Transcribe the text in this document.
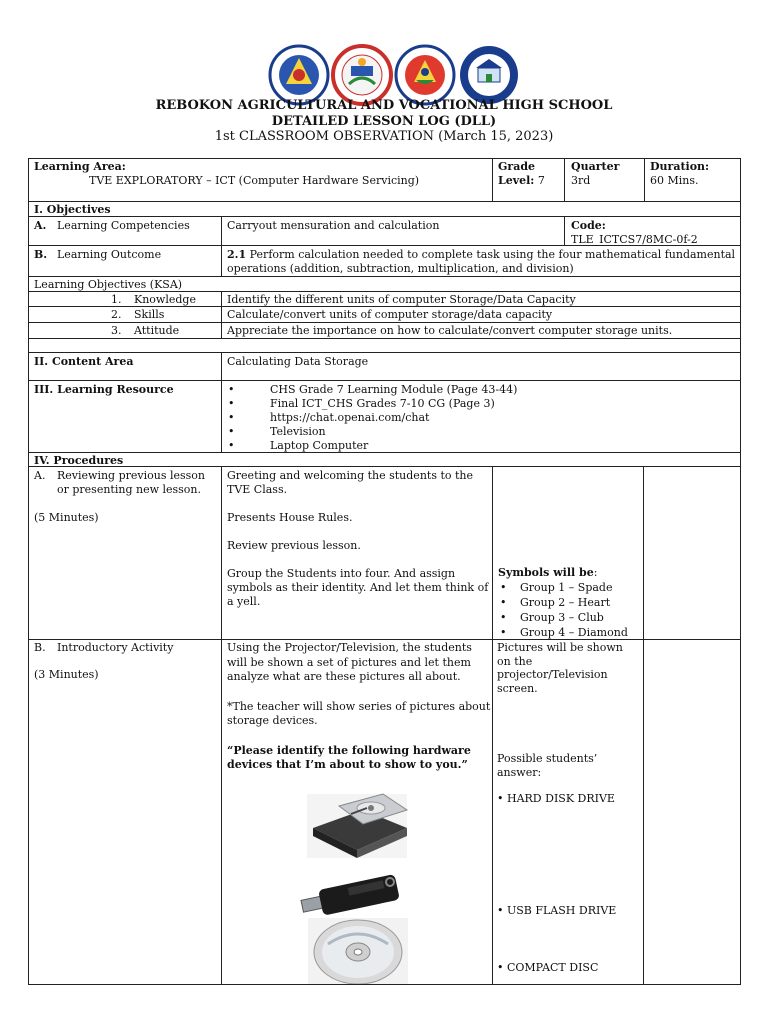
REBOKON AGRICULTURAL AND VOCATIONAL HIGH SCHOOL
DETAILED LESSON LOG (DLL)
1st CLASSROOM OBSERVATION (March 15, 2023)
Learning Area:
TVE EXPLORATORY – ICT (Computer Hardware Servicing)
Grade
Level: 7
Quarter
3rd
Duration:
60 Mins.
I. Objectives
A. Learning Competencies	Carryout mensuration and calculation	Code:
TLE_ICTCS7/8MC-0f-2
B. Learning Outcome	2.1 Perform calculation needed to complete task using the four mathematical fundamental
operations (addition, subtraction, multiplication, and division)
Learning Objectives (KSA)
1. Knowledge	Identify the different units of computer Storage/Data Capacity
2. Skills	Calculate/convert units of computer storage/data capacity
3. Attitude	Appreciate the importance on how to calculate/convert computer storage units.
II. Content Area	Calculating Data Storage
III. Learning Resource
•	CHS Grade 7 Learning Module (Page 43-44)
• Final ICT_CHS Grades 7-10 CG (Page 3)
• https://chat.openai.com/chat
• Television
• Laptop Computer
IV. Procedures
A. Reviewing previous lesson
or presenting new lesson.
(5 Minutes)
Greeting and welcoming the students to the
TVE Class.
Presents House Rules.
Review previous lesson.
Group the Students into four. And assign
symbols as their identity. And let them think of
a yell.
Symbols will be:
• Group 1 – Spade
• Group 2 – Heart
• Group 3 – Club
• Group 4 – Diamond
B. Introductory Activity
(3 Minutes)
Using the Projector/Television, the students
will be shown a set of pictures and let them
analyze what are these pictures all about.
*The teacher will show series of pictures about
storage devices.
“Please identify the following hardware
devices that I’m about to show to you.”
Pictures will be shown
on the
projector/Television
screen.
Possible students’
answer:
• HARD DISK DRIVE
• USB FLASH DRIVE
• COMPACT DISC
